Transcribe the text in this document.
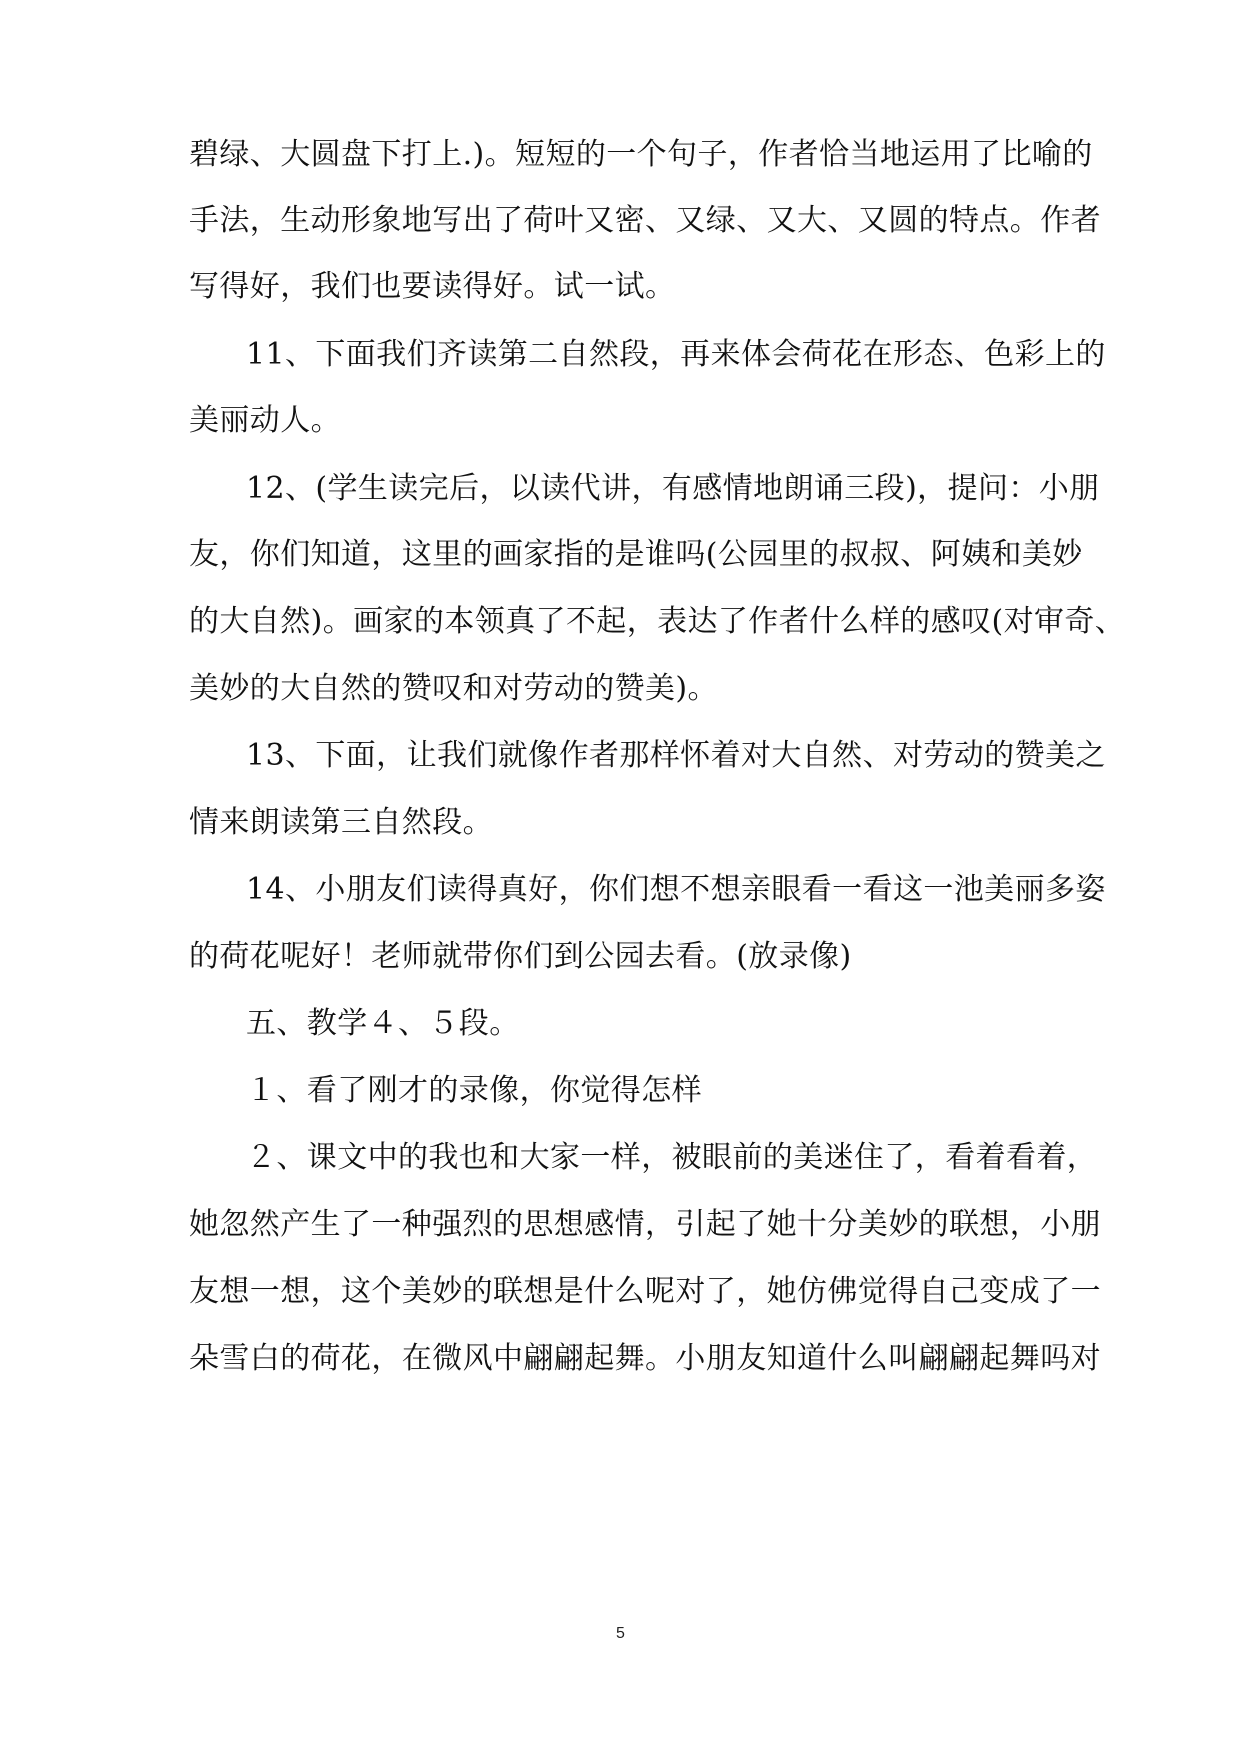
碧绿、大圆盘下打上.)。短短的一个句子，作者恰当地运用了比喻的
手法，生动形象地写出了荷叶又密、又绿、又大、又圆的特点。作者
写得好，我们也要读得好。试一试。
11、下面我们齐读第二自然段，再来体会荷花在形态、色彩上的
美丽动人。
12、(学生读完后，以读代讲，有感情地朗诵三段)，提问：小朋
友，你们知道，这里的画家指的是谁吗(公园里的叔叔、阿姨和美妙
的大自然)。画家的本领真了不起，表达了作者什么样的感叹(对审奇、
美妙的大自然的赞叹和对劳动的赞美)。
13、下面，让我们就像作者那样怀着对大自然、对劳动的赞美之
情来朗读第三自然段。
14、小朋友们读得真好，你们想不想亲眼看一看这一池美丽多姿
的荷花呢好！老师就带你们到公园去看。(放录像)
五、教学４、５段。
１、看了刚才的录像，你觉得怎样
２、课文中的我也和大家一样，被眼前的美迷住了，看着看着，
她忽然产生了一种强烈的思想感情，引起了她十分美妙的联想，小朋
友想一想，这个美妙的联想是什么呢对了，她仿佛觉得自己变成了一
朵雪白的荷花，在微风中翩翩起舞。小朋友知道什么叫翩翩起舞吗对
5
